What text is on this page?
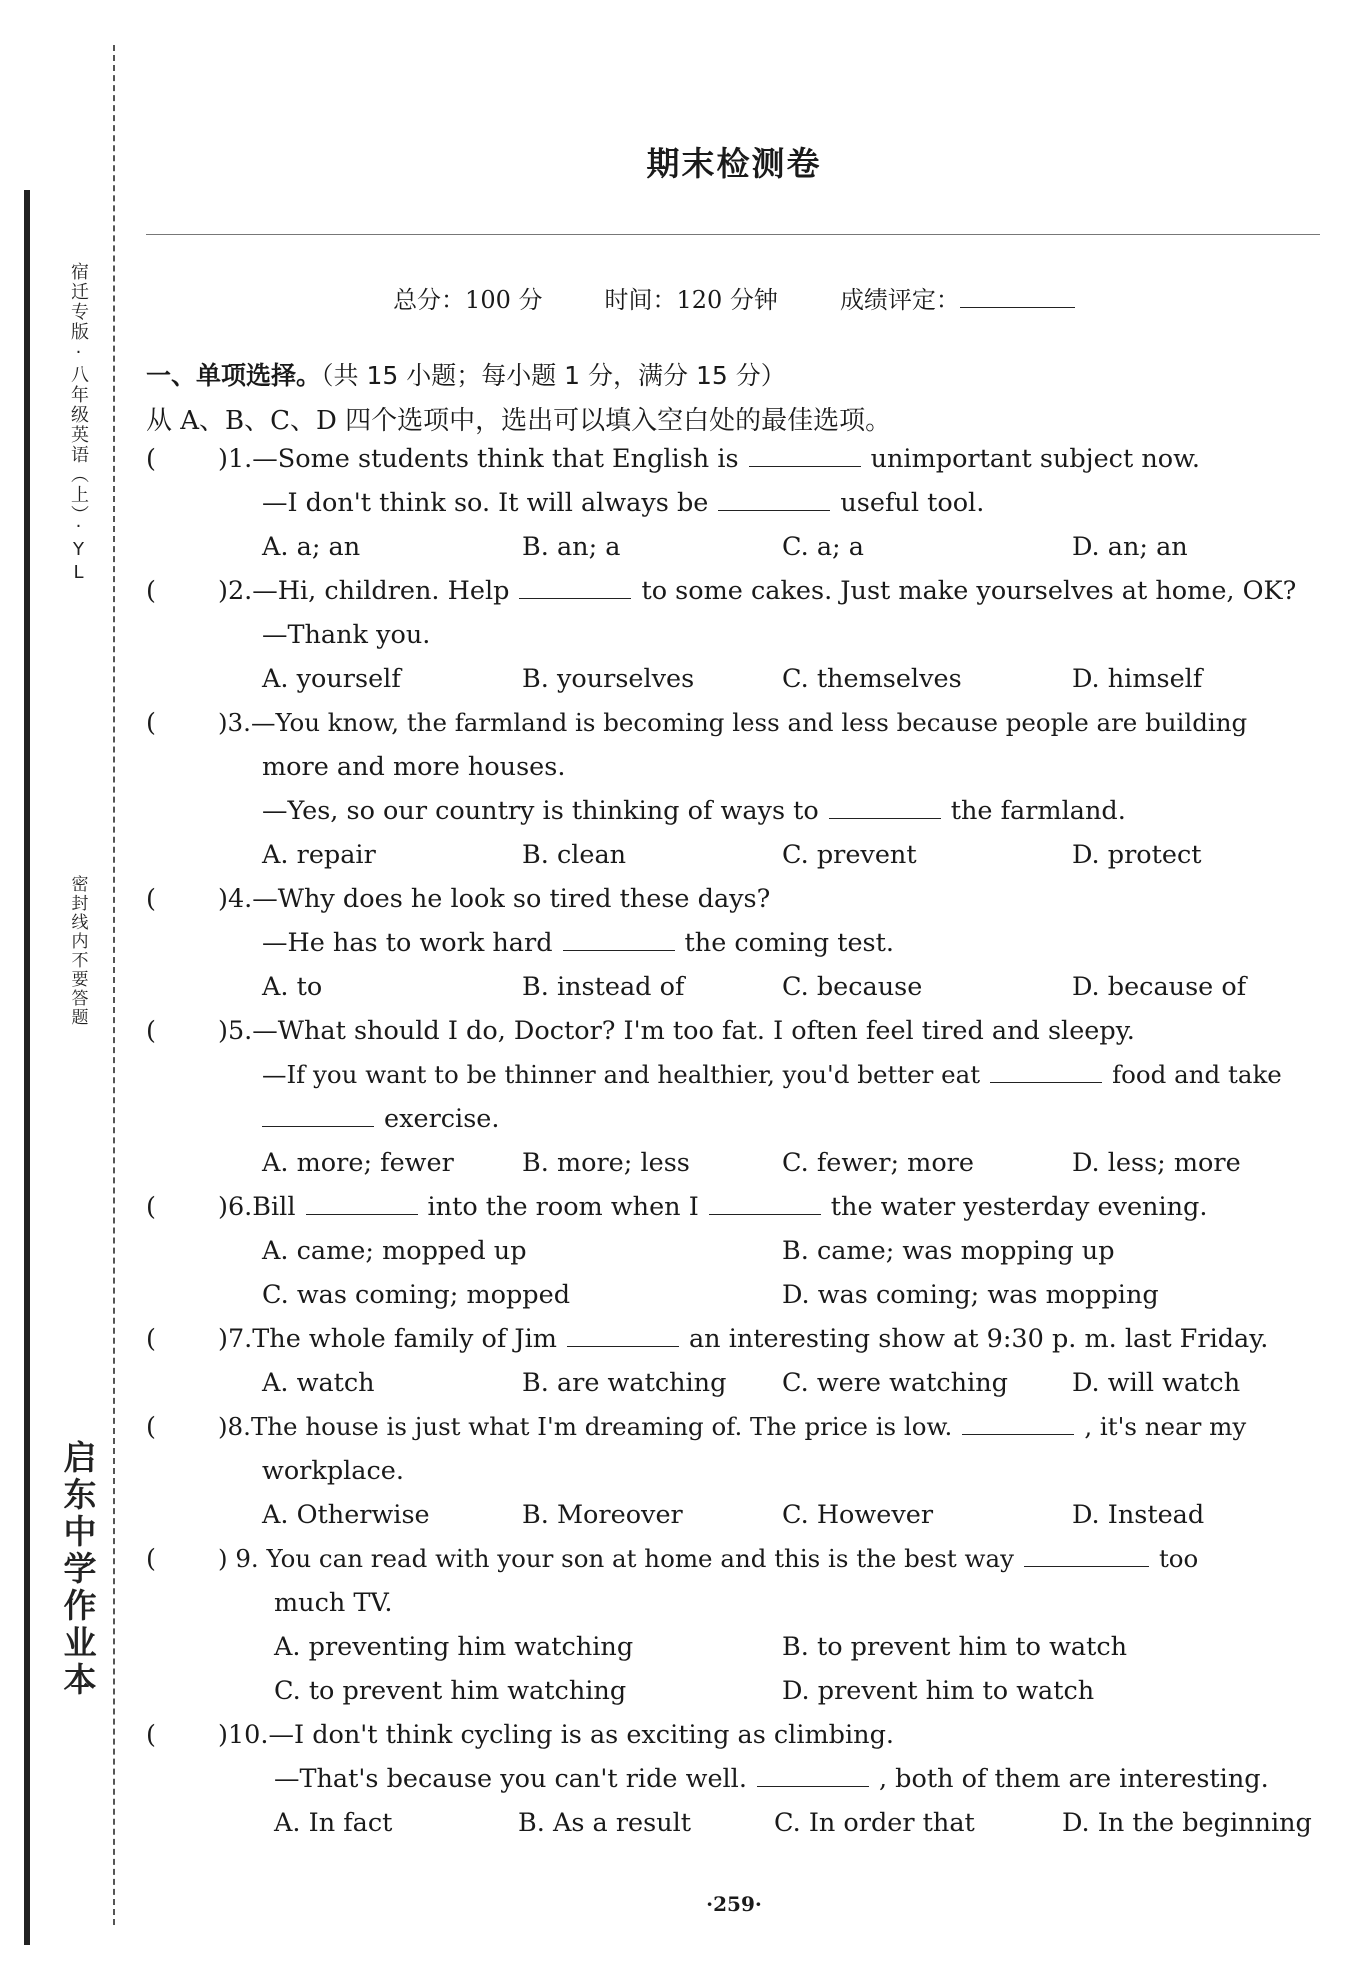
宿迁专版·八年级英语（上）·YL
密封线内不要答题
启东中学作业本
期末检测卷
总分：100 分	时间：120 分钟	成绩评定：
一、单项选择。（共 15 小题；每小题 1 分，满分 15 分）
从 A、B、C、D 四个选项中，选出可以填入空白处的最佳选项。
( )1.—Some students think that English is	unimportant subject now.
—I don't think so. It will always be	useful tool.
A. a; an	B. an; a	C. a; a	D. an; an
( )2.—Hi, children. Help	to some cakes. Just make yourselves at home, OK?
—Thank you.
A. yourself	B. yourselves	C. themselves	D. himself
(	)3.—You know, the farmland is becoming less and less because people are building
more and more houses.
—Yes, so our country is thinking of ways to	the farmland.
A. repair	B. clean	C. prevent	D. protect
( )4.—Why does he look so tired these days?
—He has to work hard	the coming test.
A. to	B. instead of	C. because	D. because of
( )5.—What should I do, Doctor? I'm too fat. I often feel tired and sleepy.
—If you want to be thinner and healthier, you'd better eat	food and take
exercise.
A. more; fewer	B. more; less	C. fewer; more	D. less; more
( )6.Bill	into the room when I	the water yesterday evening.
A. came; mopped up	B. came; was mopping up
C. was coming; mopped	D. was coming; was mopping
( )7.The whole family of Jim	an interesting show at 9:30 p. m. last Friday.
A. watch	B. are watching C. were watching	D. will watch
(	)8.The house is just what I'm dreaming of. The price is low.	, it's near my
workplace.
A. Otherwise	B. Moreover	C. However	D. Instead
(	) 9. You can read with your son at home and this is the best way	too
much TV.
A. preventing him watching	B. to prevent him to watch
C. to prevent him watching	D. prevent him to watch
( )10.—I don't think cycling is as exciting as climbing.
—That's because you can't ride well.	, both of them are interesting.
A. In fact	B. As a result	C. In order that	D. In the beginning
·259·
